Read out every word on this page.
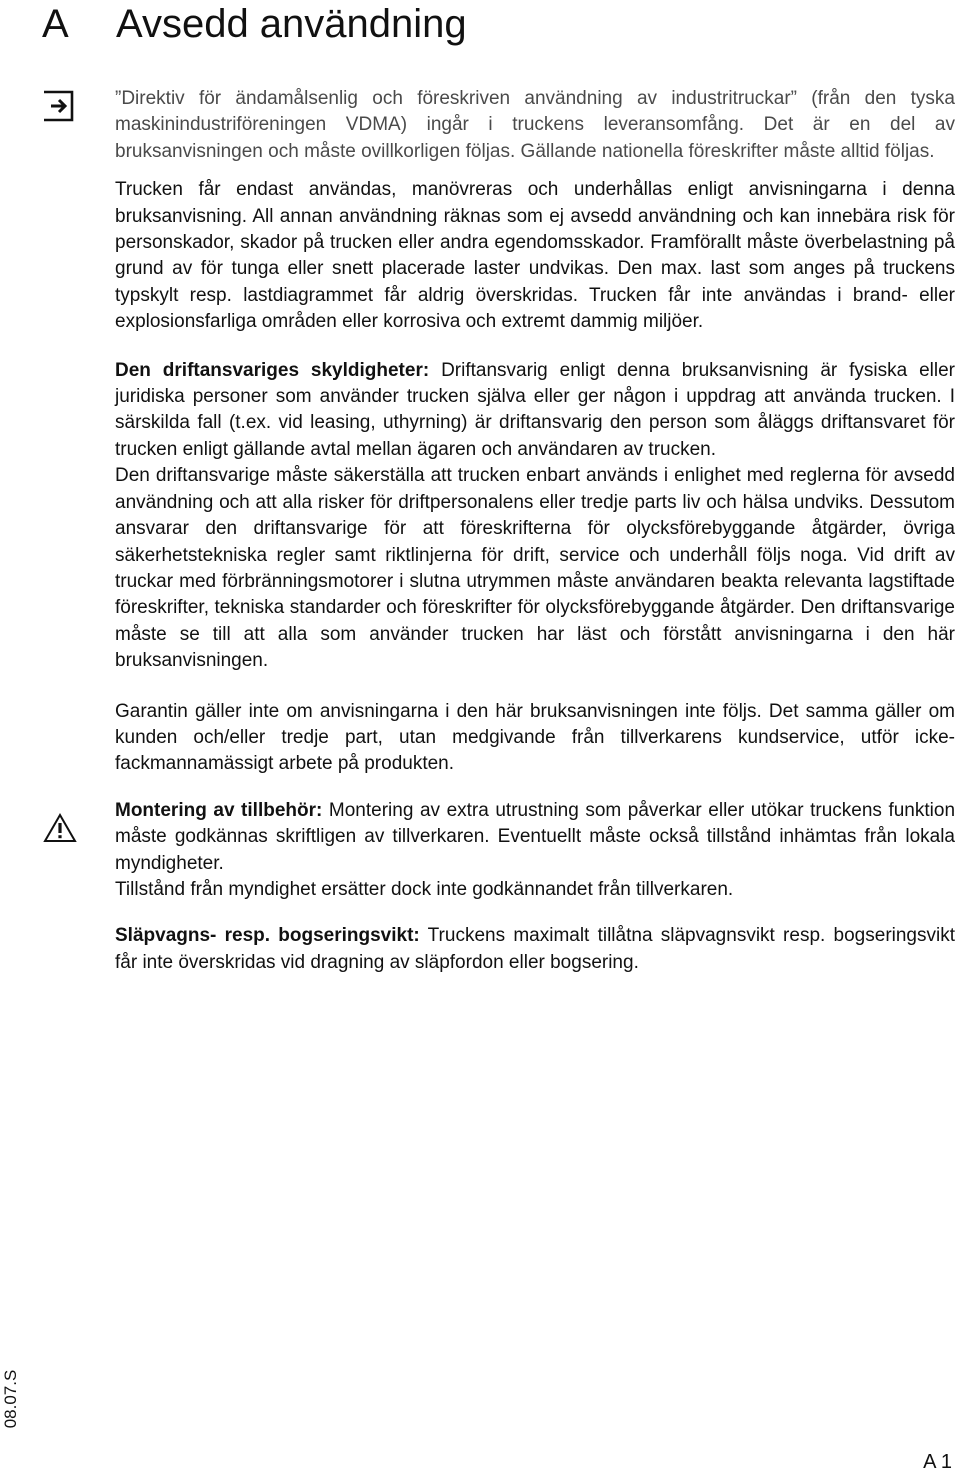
A Avsedd användning

”Direktiv för ändamålsenlig och föreskriven användning av industritruckar” (från den tyska maskinindustriföreningen VDMA) ingår i truckens leveransomfång. Det är en del av bruksanvisningen och måste ovillkorligen följas. Gällande nationella föreskrifter måste alltid följas.

Trucken får endast användas, manövreras och underhållas enligt anvisningarna i denna bruksanvisning. All annan användning räknas som ej avsedd användning och kan innebära risk för personskador, skador på trucken eller andra egendomsskador. Framförallt måste överbelastning på grund av för tunga eller snett placerade laster undvikas. Den max. last som anges på truckens typskylt resp. lastdiagrammet får aldrig överskridas. Trucken får inte användas i brand- eller explosionsfarliga områden eller korrosiva och extremt dammig miljöer.

Den driftansvariges skyldigheter: Driftansvarig enligt denna bruksanvisning är fysiska eller juridiska personer som använder trucken själva eller ger någon i uppdrag att använda trucken. I särskilda fall (t.ex. vid leasing, uthyrning) är driftansvarig den person som åläggs driftansvaret för trucken enligt gällande avtal mellan ägaren och användaren av trucken.

Den driftansvarige måste säkerställa att trucken enbart används i enlighet med reglerna för avsedd användning och att alla risker för driftpersonalens eller tredje parts liv och hälsa undviks. Dessutom ansvarar den driftansvarige för att föreskrifterna för olycksförebyggande åtgärder, övriga säkerhetstekniska regler samt riktlinjerna för drift, service och underhåll följs noga. Vid drift av truckar med förbränningsmotorer i slutna utrymmen måste användaren beakta relevanta lagstiftade föreskrifter, tekniska standarder och föreskrifter för olycksförebyggande åtgärder. Den driftansvarige måste se till att alla som använder trucken har läst och förstått anvisningarna i den här bruksanvisningen.

Garantin gäller inte om anvisningarna i den här bruksanvisningen inte följs. Det samma gäller om kunden och/eller tredje part, utan medgivande från tillverkarens kundservice, utför icke-fackmannamässigt arbete på produkten.

Montering av tillbehör: Montering av extra utrustning som påverkar eller utökar truckens funktion måste godkännas skriftligen av tillverkaren. Eventuellt måste också tillstånd inhämtas från lokala myndigheter.

Tillstånd från myndighet ersätter dock inte godkännandet från tillverkaren.

Släpvagns- resp. bogseringsvikt: Truckens maximalt tillåtna släpvagnsvikt resp. bogseringsvikt får inte överskridas vid dragning av släpfordon eller bogsering.

08.07.S
A 1
